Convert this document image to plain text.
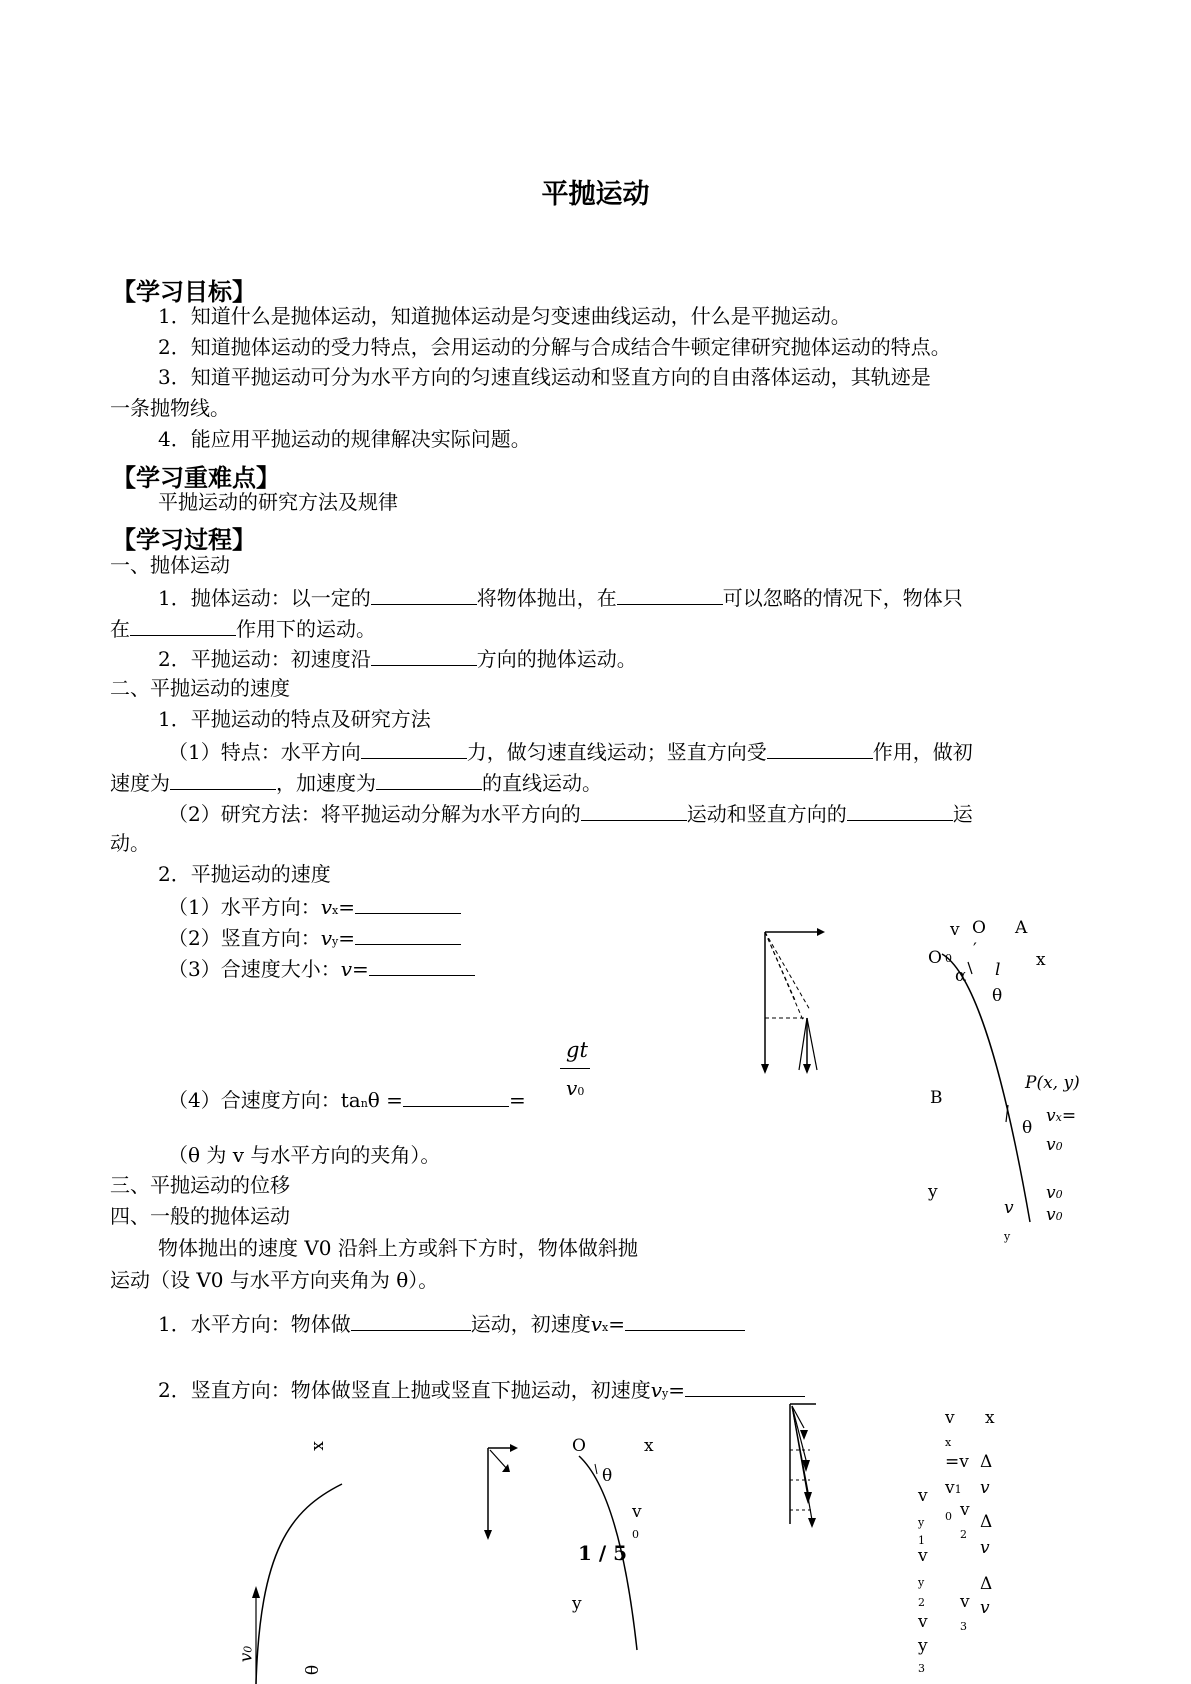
平抛运动
【学习目标】
1．知道什么是抛体运动，知道抛体运动是匀变速曲线运动，什么是平抛运动。
2．知道抛体运动的受力特点，会用运动的分解与合成结合牛顿定律研究抛体运动的特点。
3．知道平抛运动可分为水平方向的匀速直线运动和竖直方向的自由落体运动，其轨迹是
一条抛物线。
4．能应用平抛运动的规律解决实际问题。
【学习重难点】
平抛运动的研究方法及规律
【学习过程】
一、抛体运动
1．抛体运动：以一定的	将物体抛出，在	可以忽略的情况下，物体只
在	作用下的运动。
2．平抛运动：初速度沿	方向的抛体运动。
二、平抛运动的速度
1．平抛运动的特点及研究方法
（1）特点：水平方向	力，做匀速直线运动；竖直方向受	作用，做初
速度为	，加速度为	的直线运动。
（2）研究方法：将平抛运动分解为水平方向的	运动和竖直方向的	运
动。
2．平抛运动的速度
（1）水平方向：vx=
（2）竖直方向：vy=
（3）合速度大小：v=
（4）合速度方向：tanθ =	=
gt
v0
（θ 为 v 与水平方向的夹角）。
三、平抛运动的位移
四、一般的抛体运动
物体抛出的速度 V0 沿斜上方或斜下方时，物体做斜抛
运动（设 V0 与水平方向夹角为 θ）。
1．水平方向：物体做	运动，初速度vx=
2．竖直方向：物体做竖直上抛或竖直下抛运动，初速度vy=
v O A
O 0 ′	x
α l
θ
P(x, y)
B
θ
vx=
v0
y	v0
v v0
y
x
v0
θ
O	x
θ
v
0
y
v x
x
=v Δ
v v1 v
0 v
Δ
y
1	2
v
v
y	Δ
2 v v
3
v
y
3
1 / 5
